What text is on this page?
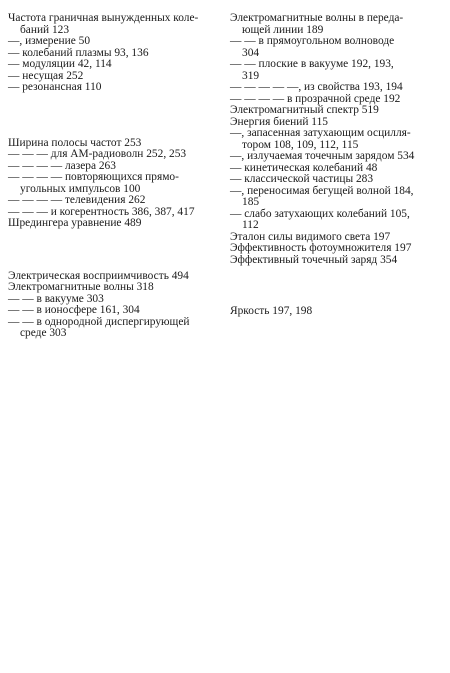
Частота граничная вынужденных коле-
баний 123
—, измерение 50
— колебаний плазмы 93, 136
— модуляции 42, 114
— несущая 252
— резонансная 110
Ширина полосы частот 253
— — — для АМ-радиоволн 252, 253
— — — — лазера 263
— — — — повторяющихся прямо-
угольных импульсов 100
— — — — телевидения 262
— — — и когерентность 386, 387, 417
Шредингера уравнение 489
Электрическая восприимчивость 494
Электромагнитные волны 318
— — в вакууме 303
— — в ионосфере 161, 304
— — в однородной диспергирующей
среде 303
Электромагнитные волны в переда-
ющей линии 189
— — в прямоугольном волноводе
304
— — плоские в вакууме 192, 193,
319
— — — — —, из свойства 193, 194
— — — — в прозрачной среде 192
Электромагнитный спектр 519
Энергия биений 115
—, запасенная затухающим осцилля-
тором 108, 109, 112, 115
—, излучаемая точечным зарядом 534
— кинетическая колебаний 48
— классической частицы 283
—, переносимая бегущей волной 184,
185
— слабо затухающих колебаний 105,
112
Эталон силы видимого света 197
Эффективность фотоумножителя 197
Эффективный точечный заряд 354
Яркость 197, 198
